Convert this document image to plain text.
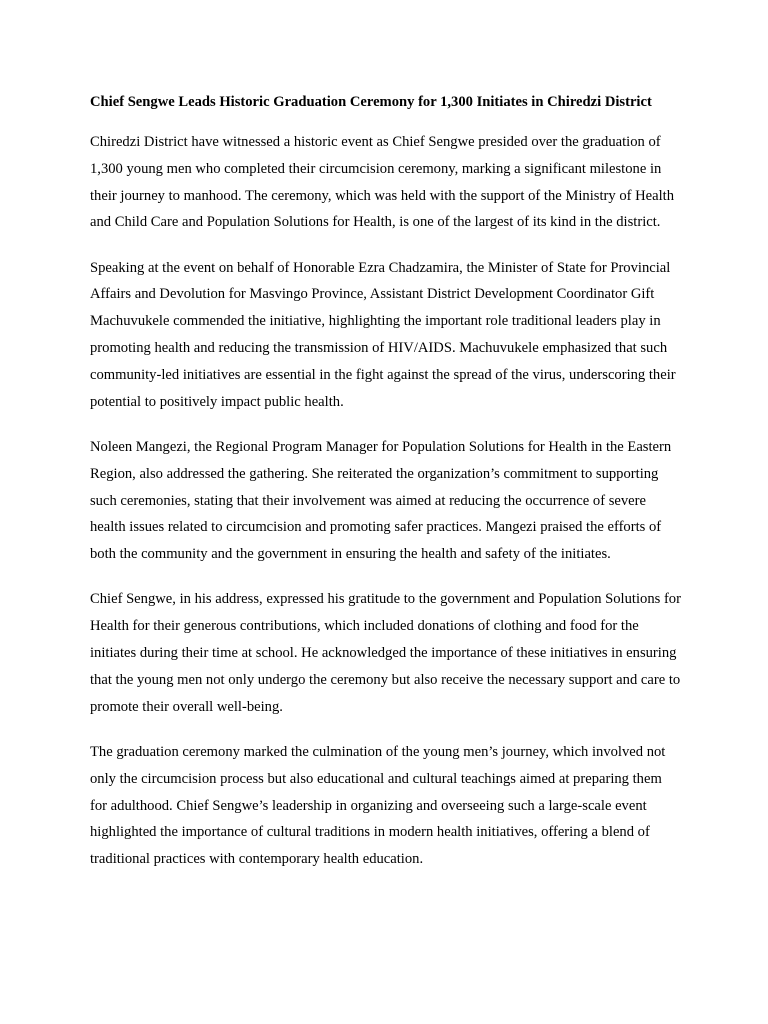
Chief Sengwe Leads Historic Graduation Ceremony for 1,300 Initiates in Chiredzi District

Chiredzi District have witnessed a historic event as Chief Sengwe presided over the graduation of 1,300 young men who completed their circumcision ceremony, marking a significant milestone in their journey to manhood. The ceremony, which was held with the support of the Ministry of Health and Child Care and Population Solutions for Health, is one of the largest of its kind in the district.

Speaking at the event on behalf of Honorable Ezra Chadzamira, the Minister of State for Provincial Affairs and Devolution for Masvingo Province, Assistant District Development Coordinator Gift Machuvukele commended the initiative, highlighting the important role traditional leaders play in promoting health and reducing the transmission of HIV/AIDS. Machuvukele emphasized that such community-led initiatives are essential in the fight against the spread of the virus, underscoring their potential to positively impact public health.

Noleen Mangezi, the Regional Program Manager for Population Solutions for Health in the Eastern Region, also addressed the gathering. She reiterated the organization’s commitment to supporting such ceremonies, stating that their involvement was aimed at reducing the occurrence of severe health issues related to circumcision and promoting safer practices. Mangezi praised the efforts of both the community and the government in ensuring the health and safety of the initiates.

Chief Sengwe, in his address, expressed his gratitude to the government and Population Solutions for Health for their generous contributions, which included donations of clothing and food for the initiates during their time at school. He acknowledged the importance of these initiatives in ensuring that the young men not only undergo the ceremony but also receive the necessary support and care to promote their overall well-being.

The graduation ceremony marked the culmination of the young men’s journey, which involved not only the circumcision process but also educational and cultural teachings aimed at preparing them for adulthood. Chief Sengwe’s leadership in organizing and overseeing such a large-scale event highlighted the importance of cultural traditions in modern health initiatives, offering a blend of traditional practices with contemporary health education.
